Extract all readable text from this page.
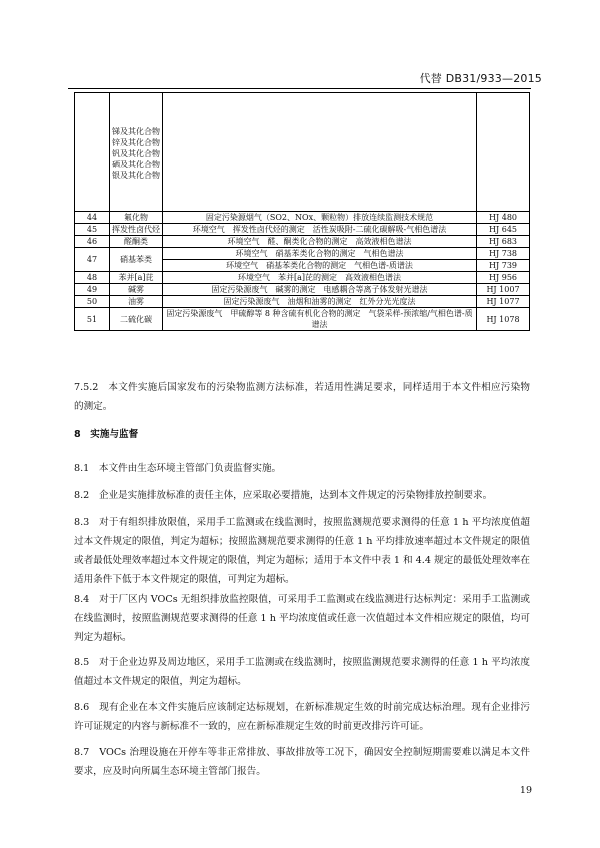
代替 DB31/933—2015

	锑及其化合物
锌及其化合物
钒及其化合物
硒及其化合物
银及其化合物		

44	氟化物	固定污染源烟气（SO2、NOx、颗粒物）排放连续监测技术规范	HJ 480
45	挥发性卤代烃	环境空气　挥发性卤代烃的测定　活性炭吸附-二硫化碳解吸-气相色谱法	HJ 645
46	醛酮类	环境空气　醛、酮类化合物的测定　高效液相色谱法	HJ 683
47	硝基苯类	环境空气　硝基苯类化合物的测定　气相色谱法	HJ 738
		环境空气　硝基苯类化合物的测定　气相色谱-质谱法	HJ 739
48	苯并[a]芘	环境空气　苯并[a]芘的测定　高效液相色谱法	HJ 956
49	碱雾	固定污染源废气　碱雾的测定　电感耦合等离子体发射光谱法	HJ 1007
50	油雾	固定污染源废气　油烟和油雾的测定　红外分光光度法	HJ 1077
51	二硫化碳	固定污染源废气　甲硫醇等 8 种含硫有机化合物的测定　气袋采样-预浓缩/气相色谱-质谱法	HJ 1078
7.5.2　本文件实施后国家发布的污染物监测方法标准，若适用性满足要求，同样适用于本文件相应污染物的测定。
8　实施与监督
8.1　本文件由生态环境主管部门负责监督实施。
8.2　企业是实施排放标准的责任主体，应采取必要措施，达到本文件规定的污染物排放控制要求。
8.3　对于有组织排放限值，采用手工监测或在线监测时，按照监测规范要求测得的任意 1 h 平均浓度值超过本文件规定的限值，判定为超标；按照监测规范要求测得的任意 1 h 平均排放速率超过本文件规定的限值或者最低处理效率超过本文件规定的限值，判定为超标；适用于本文件中表 1 和 4.4 规定的最低处理效率在适用条件下低于本文件规定的限值，可判定为超标。
8.4　对于厂区内 VOCs 无组织排放监控限值，可采用手工监测或在线监测进行达标判定：采用手工监测或在线监测时，按照监测规范要求测得的任意 1 h 平均浓度值或任意一次值超过本文件相应规定的限值，均可判定为超标。
8.5　对于企业边界及周边地区，采用手工监测或在线监测时，按照监测规范要求测得的任意 1 h 平均浓度值超过本文件规定的限值，判定为超标。
8.6　现有企业在本文件实施后应该制定达标规划，在新标准规定生效的时前完成达标治理。现有企业排污许可证规定的内容与新标准不一致的，应在新标准规定生效的时前更改排污许可证。
8.7　VOCs 治理设施在开停车等非正常排放、事故排放等工况下，确因安全控制短期需要难以满足本文件要求，应及时向所属生态环境主管部门报告。
19
